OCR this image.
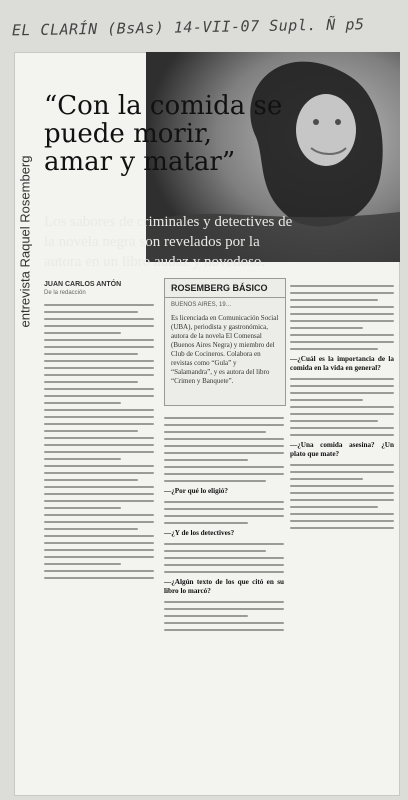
EL CLARÍN (BsAs) 14-VII-07 Supl. Ñ p5
entrevista Raquel Rosemberg
“Con la comida se puede morir, amar y matar”
Los sabores de criminales y detectives de la novela negra son revelados por la autora en un libro audaz y novedoso.
JUAN CARLOS ANTÓN
De la redacción	ROSEMBERG BÁSICO
BUENOS AIRES, 19…
Es licenciada en Comunicación Social (UBA), periodista y gastronómica, autora de la novela El Comensal (Buenos Aires Negra) y miembro del Club de Cocineros. Colabora en revistas como “Gula” y “Salamandra”, y es autora del libro “Crimen y Banquete”.
—¿Por qué lo eligió?
—¿Y de los detectives?
—¿Algún texto de los que citó en su libro lo marcó?
—¿Cuál es la importancia de la comida en la vida en general?
—¿Una comida asesina? ¿Un plato que mate?
